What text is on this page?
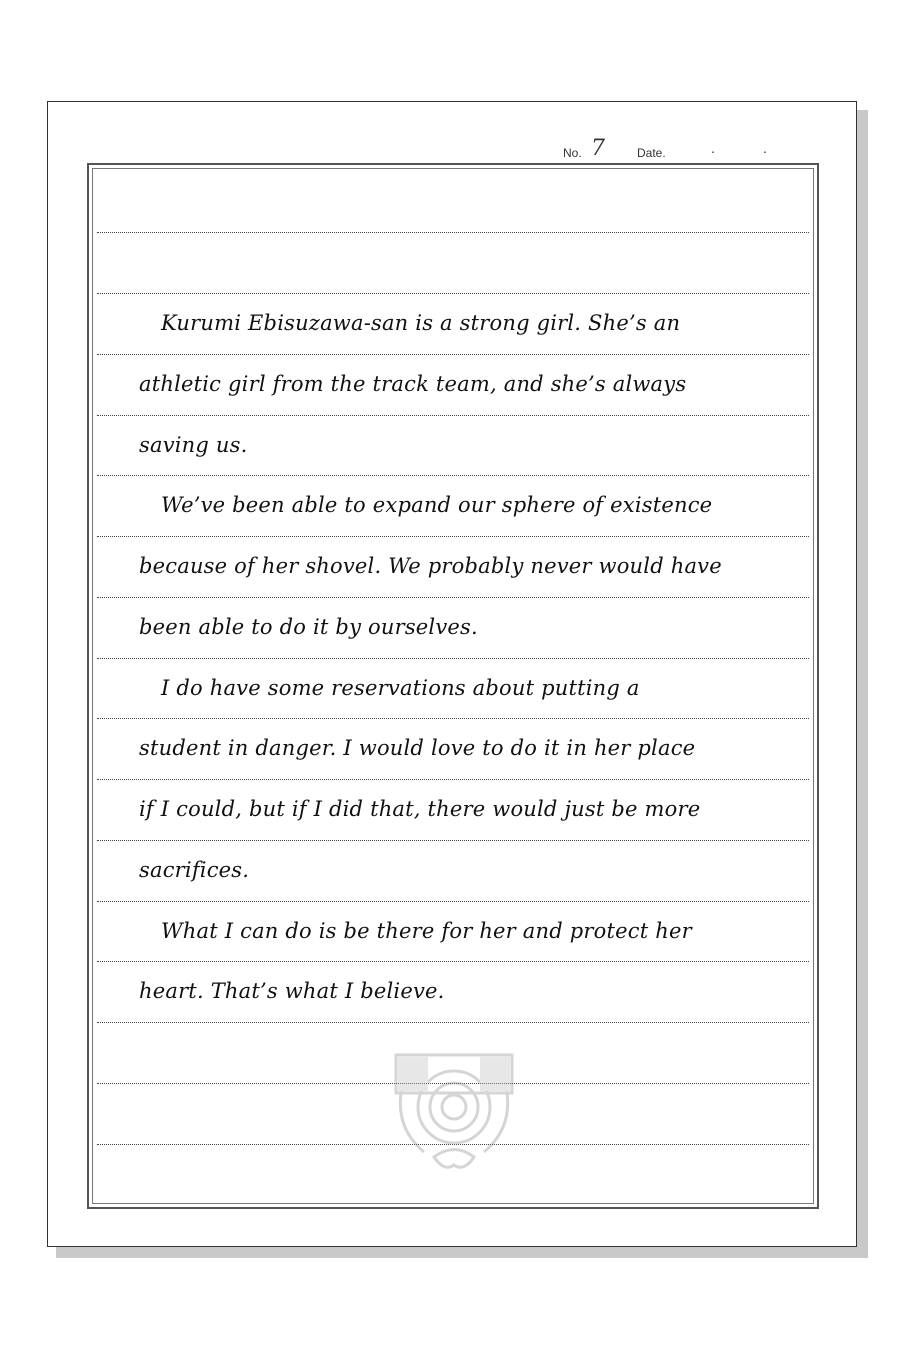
No. 7	Date.	.	.
Kurumi Ebisuzawa-san is a strong girl. She’s an
athletic girl from the track team, and she’s always
saving us.
We’ve been able to expand our sphere of existence
because of her shovel. We probably never would have
been able to do it by ourselves.
I do have some reservations about putting a
student in danger. I would love to do it in her place
if I could, but if I did that, there would just be more
sacrifices.
What I can do is be there for her and protect her
heart. That’s what I believe.
